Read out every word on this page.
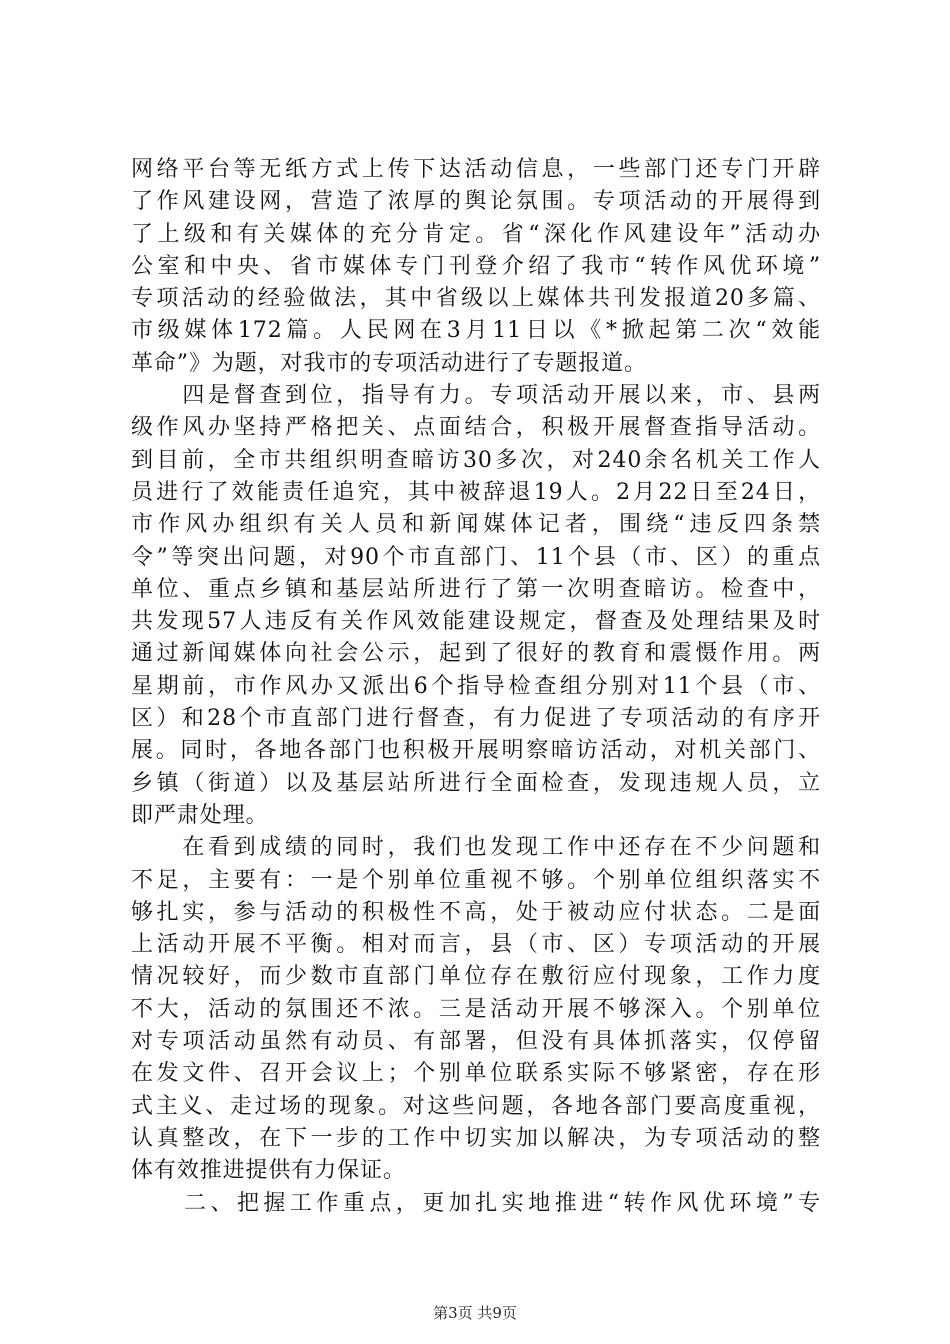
网络平台等无纸方式上传下达活动信息，一些部门还专门开辟
了作风建设网，营造了浓厚的舆论氛围。专项活动的开展得到
了上级和有关媒体的充分肯定。省“深化作风建设年”活动办
公室和中央、省市媒体专门刊登介绍了我市“转作风优环境”
专项活动的经验做法，其中省级以上媒体共刊发报道20多篇、
市级媒体172篇。人民网在3月11日以《*掀起第二次“效能
革命”》为题，对我市的专项活动进行了专题报道。
　　四是督查到位，指导有力。专项活动开展以来，市、县两
级作风办坚持严格把关、点面结合，积极开展督查指导活动。
到目前，全市共组织明查暗访30多次，对240余名机关工作人
员进行了效能责任追究，其中被辞退19人。2月22日至24日，
市作风办组织有关人员和新闻媒体记者，围绕“违反四条禁
令”等突出问题，对90个市直部门、11个县（市、区）的重点
单位、重点乡镇和基层站所进行了第一次明查暗访。检查中，
共发现57人违反有关作风效能建设规定，督查及处理结果及时
通过新闻媒体向社会公示，起到了很好的教育和震慑作用。两
星期前，市作风办又派出6个指导检查组分别对11个县（市、
区）和28个市直部门进行督查，有力促进了专项活动的有序开
展。同时，各地各部门也积极开展明察暗访活动，对机关部门、
乡镇（街道）以及基层站所进行全面检查，发现违规人员，立
即严肃处理。
　　在看到成绩的同时，我们也发现工作中还存在不少问题和
不足，主要有：一是个别单位重视不够。个别单位组织落实不
够扎实，参与活动的积极性不高，处于被动应付状态。二是面
上活动开展不平衡。相对而言，县（市、区）专项活动的开展
情况较好，而少数市直部门单位存在敷衍应付现象，工作力度
不大，活动的氛围还不浓。三是活动开展不够深入。个别单位
对专项活动虽然有动员、有部署，但没有具体抓落实，仅停留
在发文件、召开会议上；个别单位联系实际不够紧密，存在形
式主义、走过场的现象。对这些问题，各地各部门要高度重视，
认真整改，在下一步的工作中切实加以解决，为专项活动的整
体有效推进提供有力保证。
　　二、把握工作重点，更加扎实地推进“转作风优环境”专
第3页 共9页
